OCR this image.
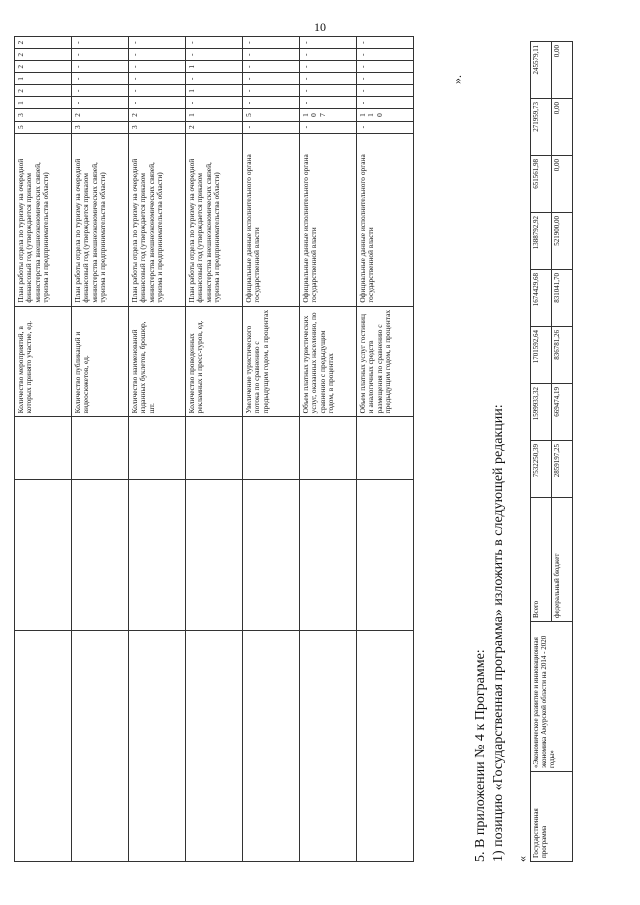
10
			Количество мероприятий, в которых принято участие, ед.	План работы отдела по туризму на очередной финансовый год (утверждается приказом министерства внешнеэкономических связей, туризма и предпринимательства области)	5	3	1	2	1	2	2	2
			Количество публикаций и видеосюжетов, ед.	План работы отдела по туризму на очередной финансовый год (утверждается приказом министерства внешнеэкономических связей, туризма и предпринимательства области)	3	2	-	-	-	-	-	-
			Количество наименований изданных буклетов, брошюр, шт.	План работы отдела по туризму на очередной финансовый год (утверждается приказом министерства внешнеэкономических связей, туризма и предпринимательства области)	3	2	-	-	-	-	-	-
			Количество проведенных рекламных и пресс-туров, ед.	План работы отдела по туризму на очередной финансовый год (утверждается приказом министерства внешнеэкономических связей, туризма и предпринимательства области)	2	1	-	1	-	1	-	-
			Увеличение туристического потока по сравнению с предыдущим годом, в процентах	Официальные данные исполнительного органа государственной власти	-	5	-	-	-	-	-	-
			Объем платных туристических услуг, оказанных населению, по сравнению с предыдущим годом, в процентах	Официальные данные исполнительного органа государственной власти	-	107	-	-	-	-	-	-
			Объем платных услуг гостиниц и аналогичных средств размещения по сравнению с предыдущим годом, в процентах	Официальные данные исполнительного органа государственной власти	-	110	-	-	-	-	-	-
5. В приложении № 4 к Программе: 1) позицию «Государственная программа» изложить в следующей редакции:
».
«
Государственная программа	«Экономическое развитие и инновационная экономика Амурской области на 2014 - 2020 годы»	Всего	7532250,39	1599933,32	1701592,64	1674429,68	1388792,92	651561,98	271959,73	245579,11
		федеральный бюджет	2859197,25	669474,19	836781,26	831041,70	521900,00	0,00	0,00	0,00
